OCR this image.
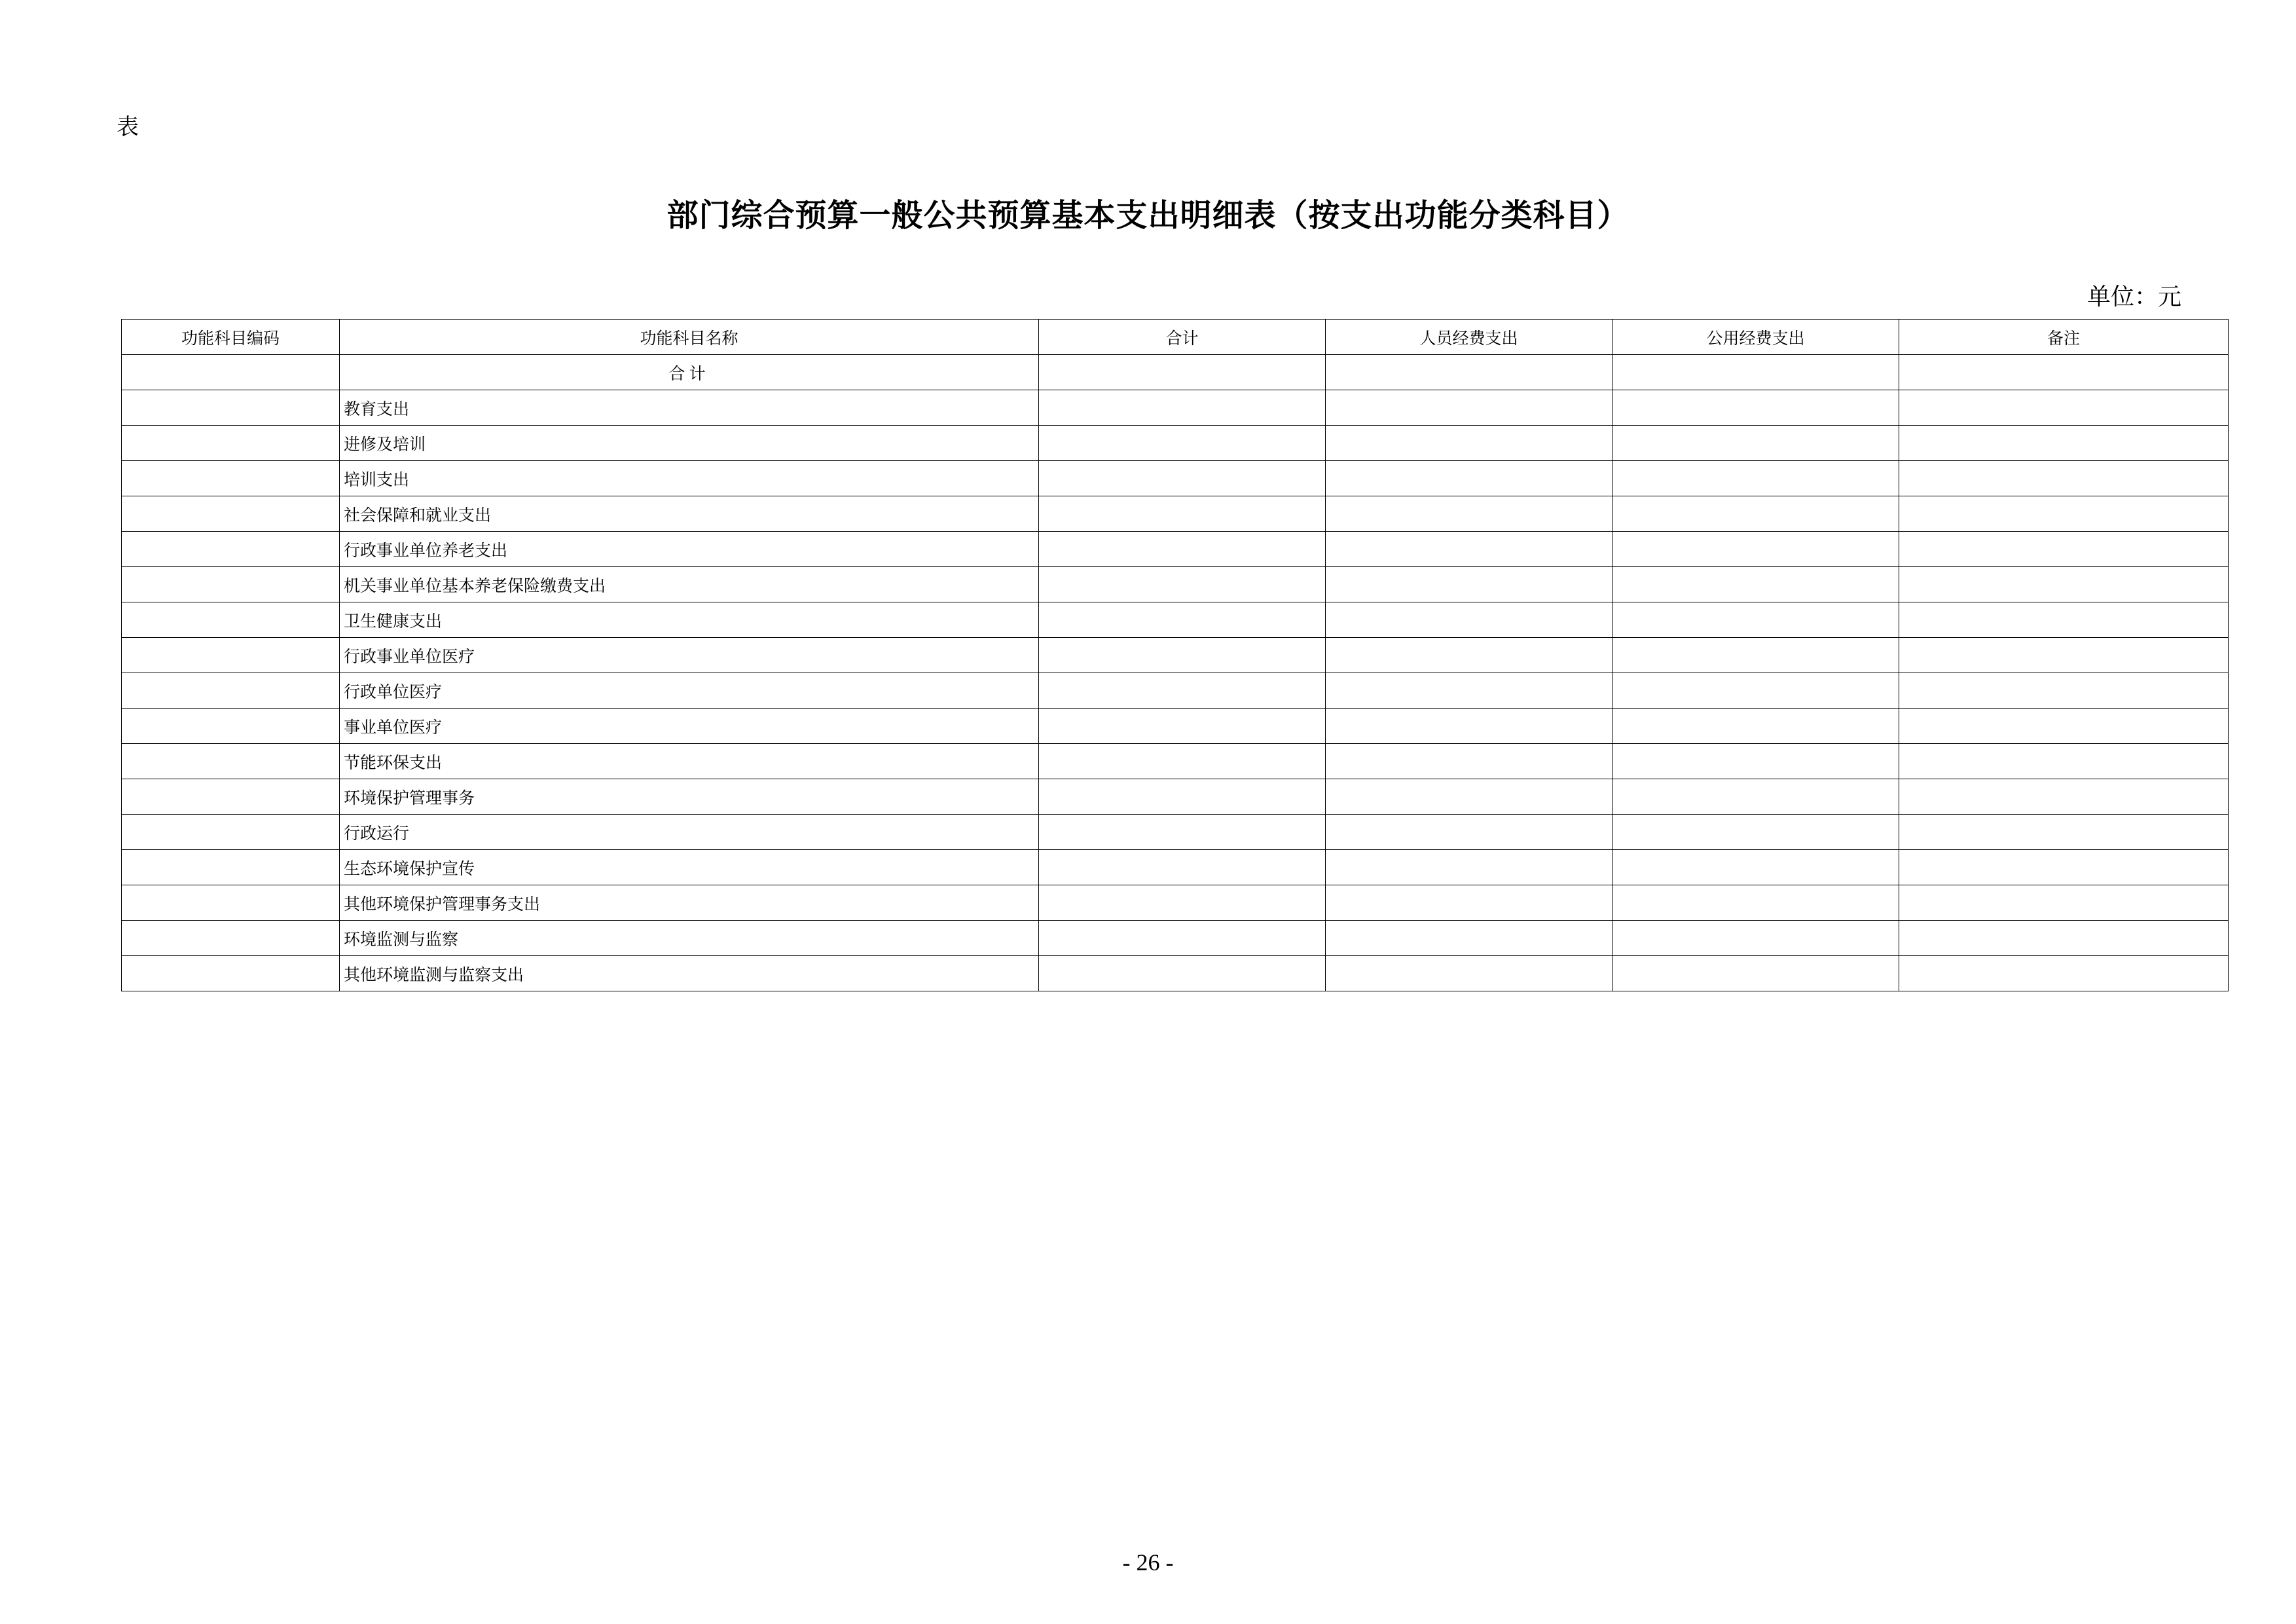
表
部门综合预算一般公共预算基本支出明细表（按支出功能分类科目）
单位：元
功能科目编码	功能科目名称	合计	人员经费支出	公用经费支出	备注
	合 计				
	教育支出				
	进修及培训				
	培训支出				
	社会保障和就业支出				
	行政事业单位养老支出				
	机关事业单位基本养老保险缴费支出				
	卫生健康支出				
	行政事业单位医疗				
	行政单位医疗				
	事业单位医疗				
	节能环保支出				
	环境保护管理事务				
	行政运行				
	生态环境保护宣传				
	其他环境保护管理事务支出				
	环境监测与监察				
	其他环境监测与监察支出				
- 26 -
